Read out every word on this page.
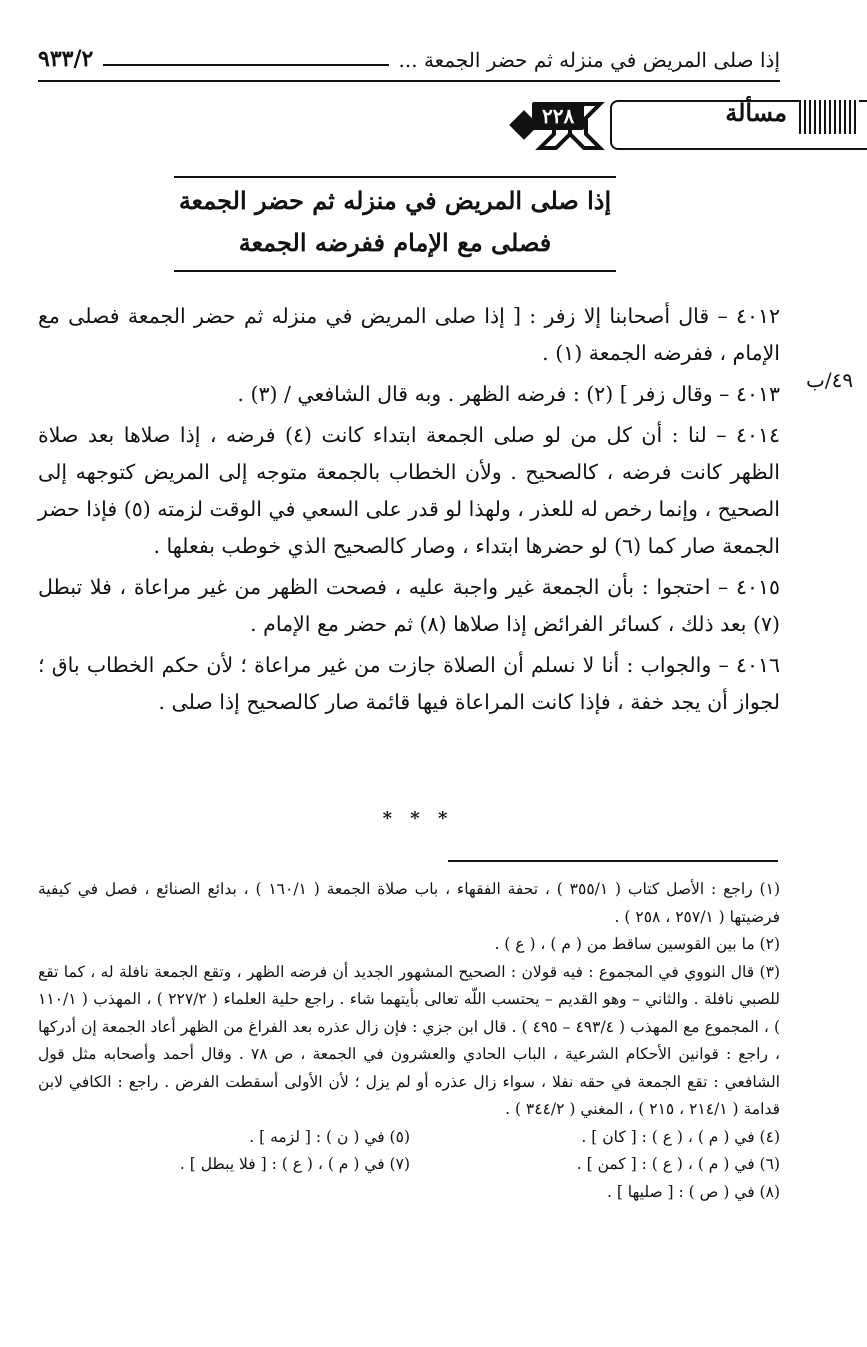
إذا صلى المريض في منزله ثم حضر الجمعة ...
٩٣٣/٢
مسألة
٢٢٨
إذا صلى المريض في منزله ثم حضر الجمعة
فصلى مع الإمام ففرضه الجمعة
٤٩/ب

٤٠١٢ – قال أصحابنا إلا زفر : [ إذا صلى المريض في منزله ثم حضر الجمعة فصلى مع الإمام ، ففرضه الجمعة (١) .

٤٠١٣ – وقال زفر ] (٢) : فرضه الظهر . وبه قال الشافعي / (٣) .

٤٠١٤ – لنا : أن كل من لو صلى الجمعة ابتداء كانت (٤) فرضه ، إذا صلاها بعد صلاة الظهر كانت فرضه ، كالصحيح . ولأن الخطاب بالجمعة متوجه إلى المريض كتوجهه إلى الصحيح ، وإنما رخص له للعذر ، ولهذا لو قدر على السعي في الوقت لزمته (٥) فإذا حضر الجمعة صار كما (٦) لو حضرها ابتداء ، وصار كالصحيح الذي خوطب بفعلها .

٤٠١٥ – احتجوا : بأن الجمعة غير واجبة عليه ، فصحت الظهر من غير مراعاة ، فلا تبطل (٧) بعد ذلك ، كسائر الفرائض إذا صلاها (٨) ثم حضر مع الإمام .

٤٠١٦ – والجواب : أنا لا نسلم أن الصلاة جازت من غير مراعاة ؛ لأن حكم الخطاب باق ؛ لجواز أن يجد خفة ، فإذا كانت المراعاة فيها قائمة صار كالصحيح إذا صلى .

* * *

(١) راجع : الأصل كتاب ( ٣٥٥/١ ) ، تحفة الفقهاء ، باب صلاة الجمعة ( ١٦٠/١ ) ، بدائع الصنائع ، فصل في كيفية فرضيتها ( ٢٥٧/١ ، ٢٥٨ ) .

(٢) ما بين القوسين ساقط من ( م ) ، ( ع ) .

(٣) قال النووي في المجموع : فيه قولان : الصحيح المشهور الجديد أن فرضه الظهر ، وتقع الجمعة نافلة له ، كما تقع للصبي نافلة . والثاني – وهو القديم – يحتسب اللّه تعالى بأيتهما شاء . راجع حلية العلماء ( ٢٢٧/٢ ) ، المهذب ( ١١٠/١ ) ، المجموع مع المهذب ( ٤٩٣/٤ – ٤٩٥ ) . قال ابن جزي : فإن زال عذره بعد الفراغ من الظهر أعاد الجمعة إن أدركها ، راجع : قوانين الأحكام الشرعية ، الباب الحادي والعشرون في الجمعة ، ص ٧٨ . وقال أحمد وأصحابه مثل قول الشافعي : تقع الجمعة في حقه نفلا ، سواء زال عذره أو لم يزل ؛ لأن الأولى أسقطت الفرض . راجع : الكافي لابن قدامة ( ٢١٤/١ ، ٢١٥ ) ، المغني ( ٣٤٤/٢ ) .

(٤) في ( م ) ، ( ع ) : [ كان ] .
(٥) في ( ن ) : [ لزمه ] .
(٦) في ( م ) ، ( ع ) : [ كمن ] .
(٧) في ( م ) ، ( ع ) : [ فلا يبطل ] .
(٨) في ( ص ) : [ صليها ] .
